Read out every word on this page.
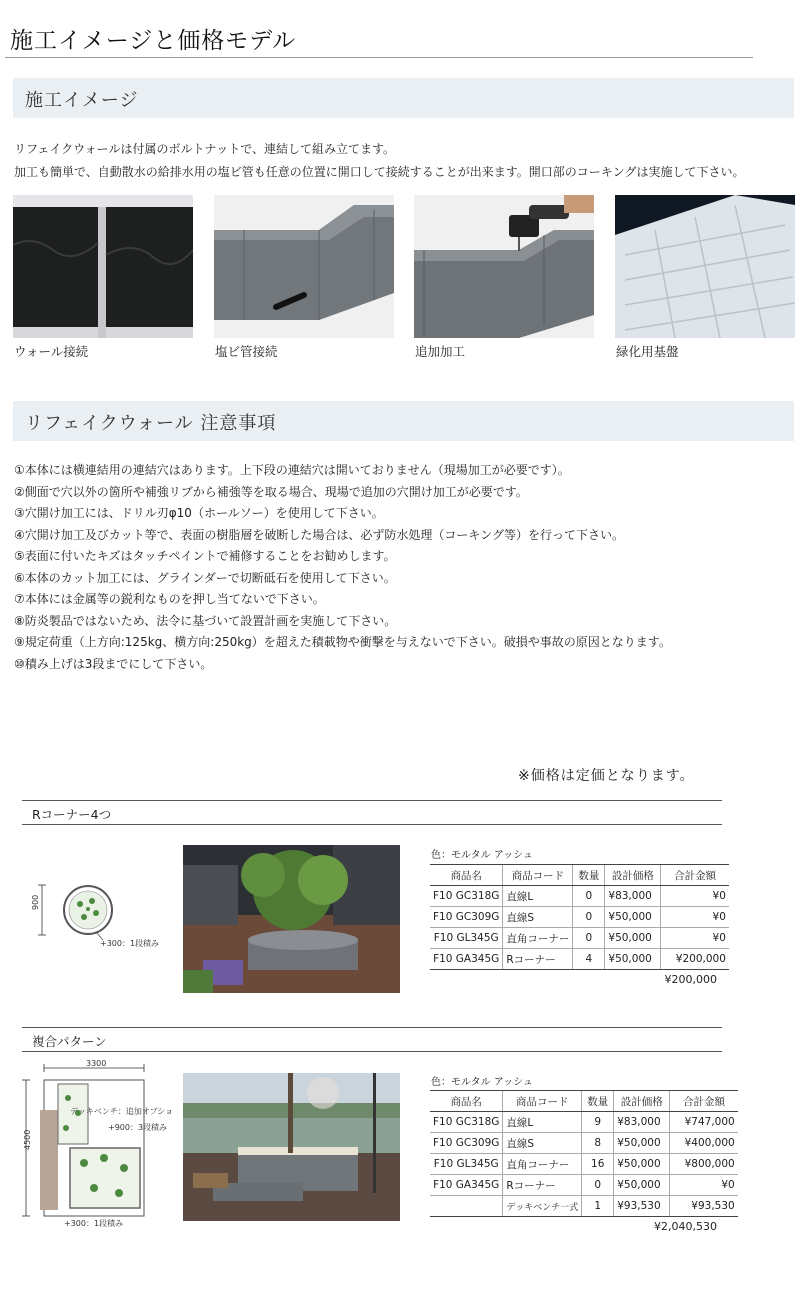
施工イメージと価格モデル
施工イメージ
リフェイクウォールは付属のボルトナットで、連結して組み立てます。
加工も簡単で、自動散水の給排水用の塩ビ管も任意の位置に開口して接続することが出来ます。開口部のコーキングは実施して下さい。
ウォール接続	塩ビ管接続	追加加工	緑化用基盤
リフェイクウォール 注意事項
①本体には横連結用の連結穴はあります。上下段の連結穴は開いておりません（現場加工が必要です）。
②側面で穴以外の箇所や補強リブから補強等を取る場合、現場で追加の穴開け加工が必要です。
③穴開け加工には、ドリル刃φ10（ホールソー）を使用して下さい。
④穴開け加工及びカット等で、表面の樹脂層を破断した場合は、必ず防水処理（コーキング等）を行って下さい。
⑤表面に付いたキズはタッチペイントで補修することをお勧めします。
⑥本体のカット加工には、グラインダーで切断砥石を使用して下さい。
⑦本体には金属等の鋭利なものを押し当てないで下さい。
⑧防炎製品ではないため、法令に基づいて設置計画を実施して下さい。
⑨規定荷重（上方向:125kg、横方向:250kg）を超えた積載物や衝撃を与えないで下さい。破損や事故の原因となります。
⑩積み上げは3段までにして下さい。
※価格は定価となります。
Rコーナー4つ
900
+300：1段積み
色：モルタル アッシュ
商品名	商品コード	数量	設計価格	合計金額
F10 GC318G	直線L	0	¥83,000	¥0
F10 GC309G	直線S	0	¥50,000	¥0
F10 GL345G	直角コーナー	0	¥50,000	¥0
F10 GA345G	Rコーナー	4	¥50,000	¥200,000
¥200,000
複合パターン
3300
4500
デッキベンチ：追加オプション
+900：3段積み
+300：1段積み
色：モルタル アッシュ
商品名	商品コード	数量	設計価格	合計金額
F10 GC318G	直線L	9	¥83,000	¥747,000
F10 GC309G	直線S	8	¥50,000	¥400,000
F10 GL345G	直角コーナー	16	¥50,000	¥800,000
F10 GA345G	Rコーナー	0	¥50,000	¥0
	デッキベンチ一式	1	¥93,530	¥93,530
¥2,040,530
